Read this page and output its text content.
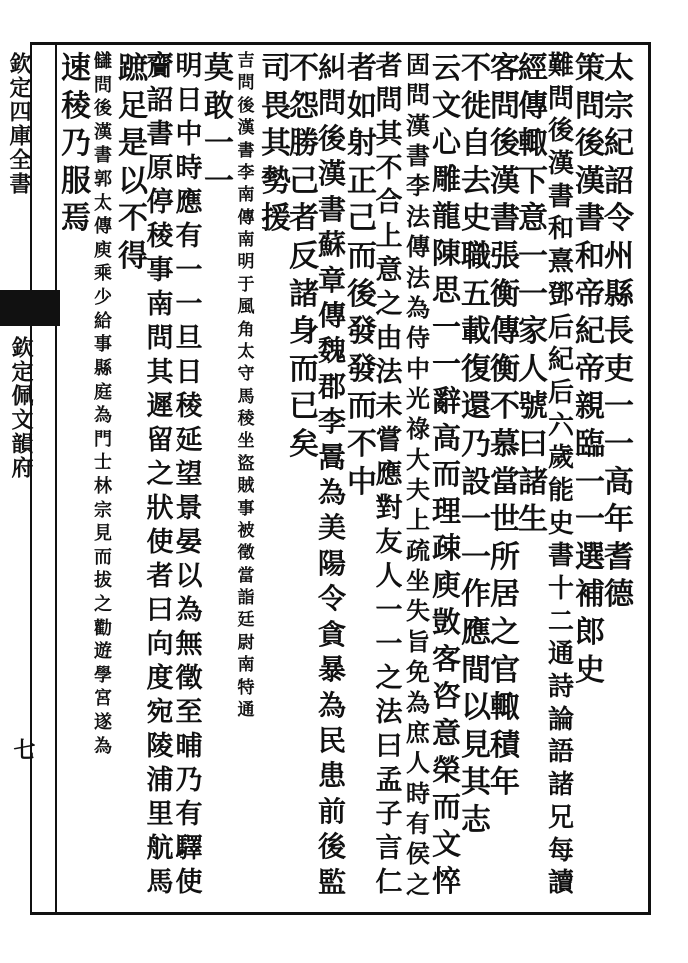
欽定四庫全書
欽定佩文韻府
七
太
宗
紀
詔
令
州
縣
長
吏
一
一
高
年
耆
德
策
問
後
漢
書
和
帝
紀
帝
親
臨
一
一
選
補
郎
史
難
問
後
漢
書
和
熹
鄧
后
紀
后
六
歲
能
史
書
十
二
通
詩
論
語
諸
兄
每
讀
經
傳
輙
下
意
一
一
家
人
號
曰
諸
生
客
問
後
漢
書
張
衡
傳
衡
不
慕
當
世
所
居
之
官
輙
積
年
不
徙
自
去
史
職
五
載
復
還
乃
設
一
一
作
應
間
以
見
其
志
云
文
心
雕
龍
陳
思
一
一
辭
高
而
理
疎
庾
敳
客
咨
意
榮
而
文
悴
固
問
漢
書
李
法
傳
法
為
侍
中
光
祿
大
夫
上
疏
坐
失
旨
免
為
庶
人
時
有
侯
之
者
問
其
不
合
上
意
之
由
法
未
嘗
應
對
友
人
一
一
之
法
曰
孟
子
言
仁
者
如
射
正
己
而
後
發
發
而
不
中
糾
問
後
漢
書
蘇
章
傳
魏
郡
李
暠
為
美
陽
令
貪
暴
為
民
患
前
後
監
不
怨
勝
己
者
反
諸
身
而
已
矣
司
畏
其
勢
援
吉
問
後
漢
書
李
南
傳
南
明
于
風
角
太
守
馬
稜
坐
盜
賊
事
被
徵
當
詣
廷
尉
南
特
通
莫
敢
一
一
明
日
中
時
應
有
一
一
旦
日
稜
延
望
景
晏
以
為
無
徵
至
晡
乃
有
驛
使
齎
詔
書
原
停
稜
事
南
問
其
遲
留
之
狀
使
者
曰
向
度
宛
陵
浦
里
航
馬
蹠
足
是
以
不
得
讎
問
後
漢
書
郭
太
傳
庾
乘
少
給
事
縣
庭
為
門
士
林
宗
見
而
拔
之
勸
遊
學
宮
遂
為
速
稜
乃
服
焉
